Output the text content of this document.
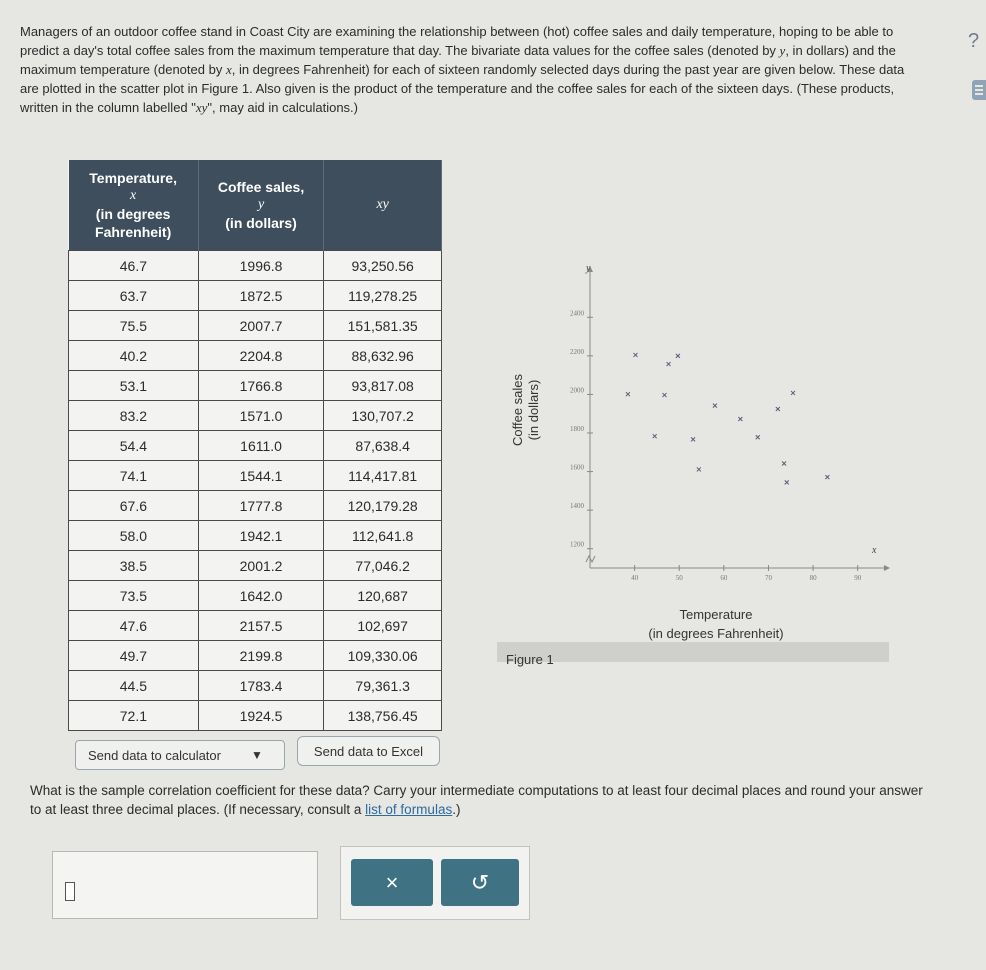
Managers of an outdoor coffee stand in Coast City are examining the relationship between (hot) coffee sales and daily temperature, hoping to be able to predict a day's total coffee sales from the maximum temperature that day. The bivariate data values for the coffee sales (denoted by y, in dollars) and the maximum temperature (denoted by x, in degrees Fahrenheit) for each of sixteen randomly selected days during the past year are given below. These data are plotted in the scatter plot in Figure 1. Also given is the product of the temperature and the coffee sales for each of the sixteen days. (These products, written in the column labelled "xy", may aid in calculations.)

?
Temperature,
x
(in degrees Fahrenheit)	Coffee sales,
y
(in dollars)	xy

46.7	1996.8	93,250.56
63.7	1872.5	119,278.25
75.5	2007.7	151,581.35
40.2	2204.8	88,632.96
53.1	1766.8	93,817.08
83.2	1571.0	130,707.2
54.4	1611.0	87,638.4
74.1	1544.1	114,417.81
67.6	1777.8	120,179.28
58.0	1942.1	112,641.8
38.5	2001.2	77,046.2
73.5	1642.0	120,687
47.6	2157.5	102,697
49.7	2199.8	109,330.06
44.5	1783.4	79,361.3
72.1	1924.5	138,756.45
Send data to calculator	▼	Send data to Excel
40	50	60	70	80	90
1200
1400
1600
1800
2000
2200
2400
x
y
Coffee sales (in dollars)
Temperature
(in degrees Fahrenheit)
Figure 1

What is the sample correlation coefficient for these data? Carry your intermediate computations to at least four decimal places and round your answer to at least three decimal places. (If necessary, consult a list of formulas.)

×	↺
